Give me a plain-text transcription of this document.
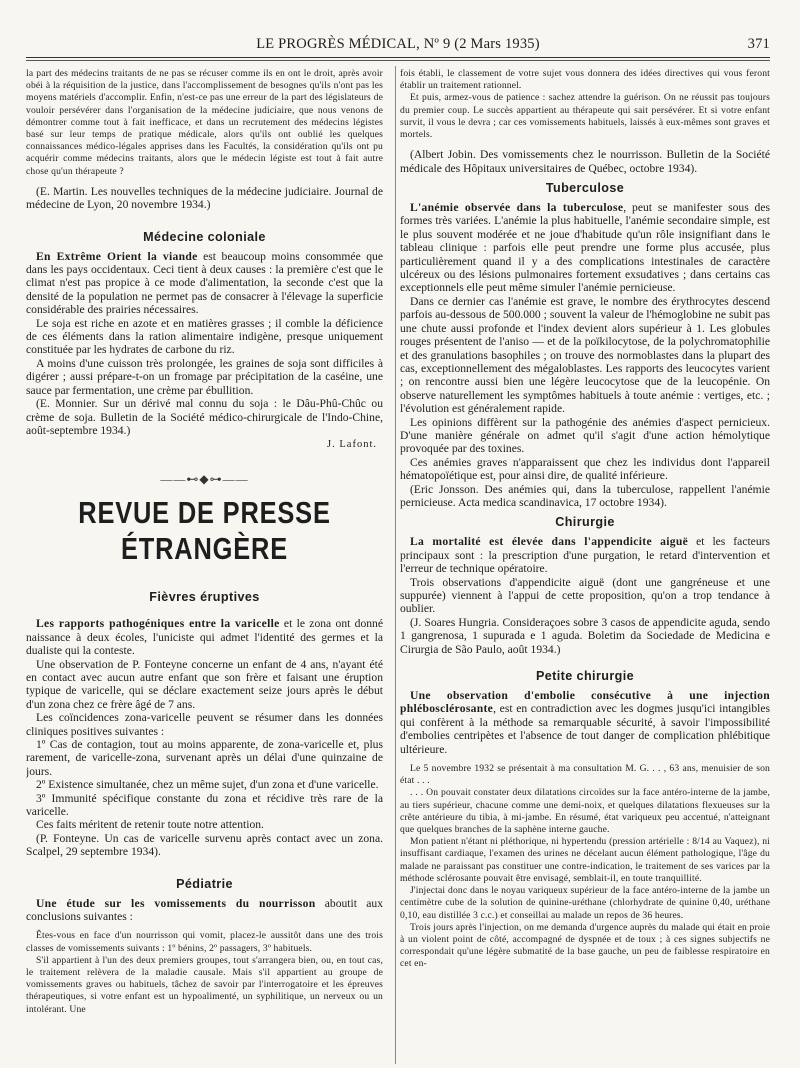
LE PROGRÈS MÉDICAL, Nº 9 (2 Mars 1935)	371

la part des médecins traitants de ne pas se récuser comme ils en ont le droit, après avoir obéi à la réquisition de la justice, dans l'accomplissement de besognes qu'ils n'ont pas les moyens matériels d'accomplir. Enfin, n'est-ce pas une erreur de la part des législateurs de vouloir persévérer dans l'organisation de la médecine judiciaire, que nous venons de démontrer comme tout à fait inefficace, et dans un recrutement des médecins légistes basé sur leur temps de pratique médicale, alors qu'ils ont oublié les quelques connaissances médico-légales apprises dans les Facultés, la considération qu'ils ont pu acquérir comme médecins traitants, alors que le médecin légiste est tout à fait autre chose qu'un thérapeute ?

(E. Martin. Les nouvelles techniques de la médecine judiciaire. Journal de médecine de Lyon, 20 novembre 1934.)

Médecine coloniale

En Extrême Orient la viande est beaucoup moins consommée que dans les pays occidentaux. Ceci tient à deux causes : la première c'est que le climat n'est pas propice à ce mode d'alimentation, la seconde c'est que la densité de la population ne permet pas de consacrer à l'élevage la superficie considérable des prairies nécessaires.

Le soja est riche en azote et en matières grasses ; il comble la déficience de ces éléments dans la ration alimentaire indigène, presque uniquement constituée par les hydrates de carbone du riz.

A moins d'une cuisson très prolongée, les graines de soja sont difficiles à digérer ; aussi prépare-t-on un fromage par précipitation de la caséine, une sauce par fermentation, une crème par ébullition.

(E. Monnier. Sur un dérivé mal connu du soja : le Dâu-Phû-Chûc ou crème de soja. Bulletin de la Société médico-chirurgicale de l'Indo-Chine, août-septembre 1934.)

J. Lafont.
——⊷◆⊶——
REVUE DE PRESSE ÉTRANGÈRE
Fièvres éruptives

Les rapports pathogéniques entre la varicelle et le zona ont donné naissance à deux écoles, l'uniciste qui admet l'identité des germes et la dualiste qui la conteste.

Une observation de P. Fonteyne concerne un enfant de 4 ans, n'ayant été en contact avec aucun autre enfant que son frère et faisant une éruption typique de varicelle, qui se déclare exactement seize jours après le début d'un zona chez ce frère âgé de 7 ans.

Les coïncidences zona-varicelle peuvent se résumer dans les données cliniques positives suivantes :

1º Cas de contagion, tout au moins apparente, de zona-varicelle et, plus rarement, de varicelle-zona, survenant après un délai d'une quinzaine de jours.

2º Existence simultanée, chez un même sujet, d'un zona et d'une varicelle.

3º Immunité spécifique constante du zona et récidive très rare de la varicelle.

Ces faits méritent de retenir toute notre attention.

(P. Fonteyne. Un cas de varicelle survenu après contact avec un zona. Scalpel, 29 septembre 1934).

Pédiatrie

Une étude sur les vomissements du nourrisson aboutit aux conclusions suivantes :

Êtes-vous en face d'un nourrisson qui vomit, placez-le aussitôt dans une des trois classes de vomissements suivants : 1º bénins, 2º passagers, 3º habituels.

S'il appartient à l'un des deux premiers groupes, tout s'arrangera bien, ou, en tout cas, le traitement relèvera de la maladie causale. Mais s'il appartient au groupe de vomissements graves ou habituels, tâchez de savoir par l'interrogatoire et les épreuves thérapeutiques, si votre enfant est un hypoalimenté, un syphilitique, un nerveux ou un intolérant. Une

fois établi, le classement de votre sujet vous donnera des idées directives qui vous feront établir un traitement rationnel.

Et puis, armez-vous de patience : sachez attendre la guérison. On ne réussit pas toujours du premier coup. Le succès appartient au thérapeute qui sait persévérer. Et si votre enfant survit, il vous le devra ; car ces vomissements habituels, laissés à eux-mêmes sont graves et mortels.

(Albert Jobin. Des vomissements chez le nourrisson. Bulletin de la Société médicale des Hôpitaux universitaires de Québec, octobre 1934).

Tuberculose

L'anémie observée dans la tuberculose, peut se manifester sous des formes très variées. L'anémie la plus habituelle, l'anémie secondaire simple, est le plus souvent modérée et ne joue d'habitude qu'un rôle insignifiant dans le tableau clinique : parfois elle peut prendre une forme plus accusée, plus particulièrement quand il y a des complications intestinales de caractère ulcéreux ou des lésions pulmonaires fortement exsudatives ; dans certains cas exceptionnels elle peut même simuler l'anémie pernicieuse.

Dans ce dernier cas l'anémie est grave, le nombre des érythrocytes descend parfois au-dessous de 500.000 ; souvent la valeur de l'hémoglobine ne subit pas une chute aussi profonde et l'index devient alors supérieur à 1. Les globules rouges présentent de l'aniso — et de la poïkilocytose, de la polychromatophilie et des granulations basophiles ; on trouve des normoblastes dans la plupart des cas, exceptionnellement des mégaloblastes. Les rapports des leucocytes varient ; on rencontre aussi bien une légère leucocytose que de la leucopénie. On observe naturellement les symptômes habituels à toute anémie : vertiges, etc. ; l'évolution est généralement rapide.

Les opinions diffèrent sur la pathogénie des anémies d'aspect pernicieux. D'une manière générale on admet qu'il s'agit d'une action hémolytique provoquée par des toxines.

Ces anémies graves n'apparaissent que chez les individus dont l'appareil hématopoïétique est, pour ainsi dire, de qualité inférieure.

(Eric Jonsson. Des anémies qui, dans la tuberculose, rappellent l'anémie pernicieuse. Acta medica scandinavica, 17 octobre 1934).

Chirurgie

La mortalité est élevée dans l'appendicite aiguë et les facteurs principaux sont : la prescription d'une purgation, le retard d'intervention et l'erreur de technique opératoire.

Trois observations d'appendicite aiguë (dont une gangréneuse et une suppurée) viennent à l'appui de cette proposition, qu'on a trop tendance à oublier.

(J. Soares Hungria. Consideraçoes sobre 3 casos de appendicite aguda, sendo 1 gangrenosa, 1 supurada e 1 aguda. Boletim da Sociedade de Medicina e Cirurgia de São Paulo, août 1934.)

Petite chirurgie

Une observation d'embolie consécutive à une injection phlébosclérosante, est en contradiction avec les dogmes jusqu'ici intangibles qui confèrent à la méthode sa remarquable sécurité, à savoir l'impossibilité d'embolies centripètes et l'absence de tout danger de complication phlébitique ultérieure.

Le 5 novembre 1932 se présentait à ma consultation M. G. . . , 63 ans, menuisier de son état . . .

. . . On pouvait constater deux dilatations circoïdes sur la face antéro-interne de la jambe, au tiers supérieur, chacune comme une demi-noix, et quelques dilatations flexueuses sur la crête antérieure du tibia, à mi-jambe. En résumé, état variqueux peu accentué, n'atteignant que quelques branches de la saphène interne gauche.

Mon patient n'étant ni pléthorique, ni hypertendu (pression artérielle : 8/14 au Vaquez), ni insuffisant cardiaque, l'examen des urines ne décelant aucun élément pathologique, l'âge du malade ne paraissant pas constituer une contre-indication, le traitement de ses varices par la méthode sclérosante pouvait être envisagé, semblait-il, en toute tranquillité.

J'injectai donc dans le noyau variqueux supérieur de la face antéro-interne de la jambe un centimètre cube de la solution de quinine-uréthane (chlorhydrate de quinine 0,40, uréthane 0,10, eau distillée 3 c.c.) et conseillai au malade un repos de 36 heures.

Trois jours après l'injection, on me demanda d'urgence auprès du malade qui était en proie à un violent point de côté, accompagné de dyspnée et de toux ; à ces signes subjectifs ne correspondait qu'une légère submatité de la base gauche, un peu de faiblesse respiratoire en cet en-
